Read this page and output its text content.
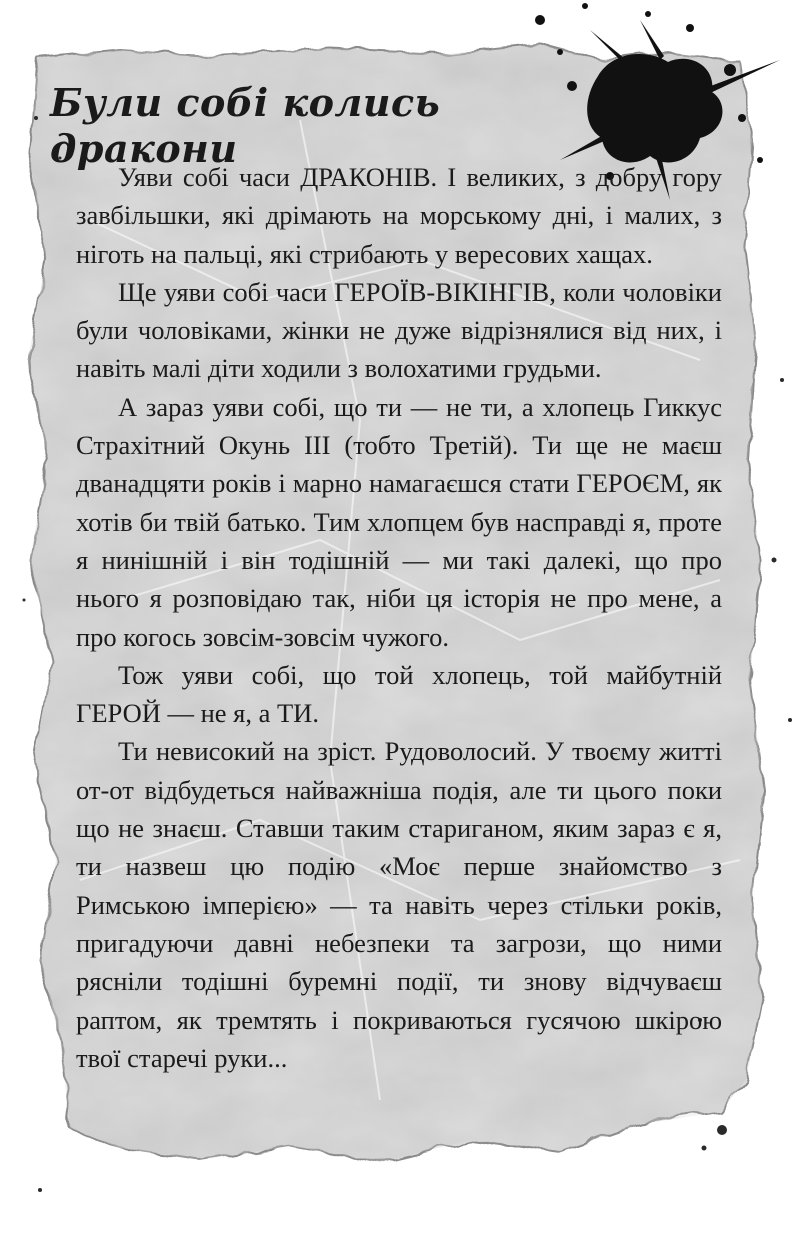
Були собі колись дракони

Уяви собі часи ДРАКОНІВ. І великих, з добру гору завбільшки, які дрімають на морському дні, і малих, з ніготь на пальці, які стрибають у вересових хащах.

Ще уяви собі часи ГЕРОЇВ-ВІКІНГІВ, коли чоловіки були чоловіками, жінки не дуже відрізнялися від них, і навіть малі діти ходили з волохатими грудьми.

А зараз уяви собі, що ти — не ти, а хлопець Гиккус Страхітний Окунь ІІІ (тобто Третій). Ти ще не маєш дванадцяти років і марно намагаєшся стати ГЕРОЄМ, як хотів би твій батько. Тим хлопцем був насправді я, проте я нинішній і він тодішній — ми такі далекі, що про нього я розповідаю так, ніби ця історія не про мене, а про когось зовсім-зовсім чужого.

Тож уяви собі, що той хлопець, той майбутній ГЕРОЙ — не я, а ТИ.

Ти невисокий на зріст. Рудоволосий. У твоєму житті от-от відбудеться найважніша подія, але ти цього поки що не знаєш. Ставши таким стариганом, яким зараз є я, ти назвеш цю подію «Моє перше знайомство з Римською імперією» — та навіть через стільки років, пригадуючи давні небезпеки та загрози, що ними рясніли тодішні буремні події, ти знову відчуваєш раптом, як тремтять і покриваються гусячою шкірою твої старечі руки...
